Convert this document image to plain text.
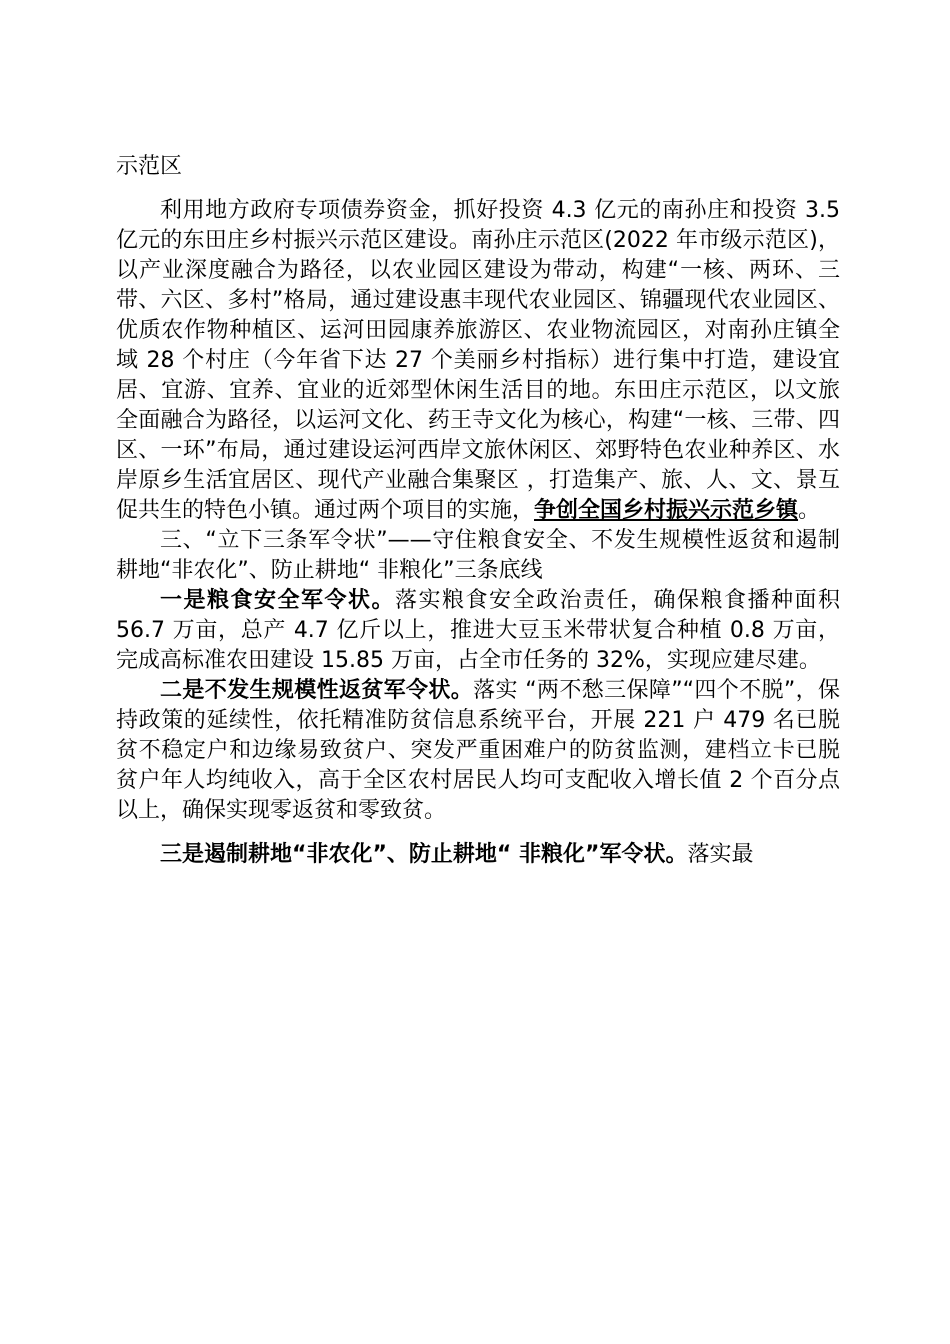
示范区

利用地方政府专项债券资金，抓好投资 4.3 亿元的南孙庄和投资 3.5 亿元的东田庄乡村振兴示范区建设。南孙庄示范区(2022 年市级示范区)，以产业深度融合为路径，以农业园区建设为带动，构建“一核、两环、三带、六区、多村”格局，通过建设惠丰现代农业园区、锦疆现代农业园区、优质农作物种植区、运河田园康养旅游区、农业物流园区，对南孙庄镇全域 28 个村庄（今年省下达 27 个美丽乡村指标）进行集中打造，建设宜居、宜游、宜养、宜业的近郊型休闲生活目的地。东田庄示范区，以文旅全面融合为路径，以运河文化、药王寺文化为核心，构建“一核、三带、四区、一环”布局，通过建设运河西岸文旅休闲区、郊野特色农业种养区、水岸原乡生活宜居区、现代产业融合集聚区 ，打造集产、旅、人、文、景互促共生的特色小镇。通过两个项目的实施，争创全国乡村振兴示范乡镇。

三、“立下三条军令状”——守住粮食安全、不发生规模性返贫和遏制耕地“非农化”、防止耕地“ 非粮化”三条底线

一是粮食安全军令状。落实粮食安全政治责任，确保粮食播种面积 56.7 万亩，总产 4.7 亿斤以上，推进大豆玉米带状复合种植 0.8 万亩，完成高标准农田建设 15.85 万亩，占全市任务的 32%，实现应建尽建。

二是不发生规模性返贫军令状。落实 “两不愁三保障”“四个不脱”，保持政策的延续性，依托精准防贫信息系统平台，开展 221 户 479 名已脱贫不稳定户和边缘易致贫户、突发严重困难户的防贫监测，建档立卡已脱贫户年人均纯收入，高于全区农村居民人均可支配收入增长值 2 个百分点以上，确保实现零返贫和零致贫。

三是遏制耕地“非农化”、防止耕地“ 非粮化”军令状。落实最
